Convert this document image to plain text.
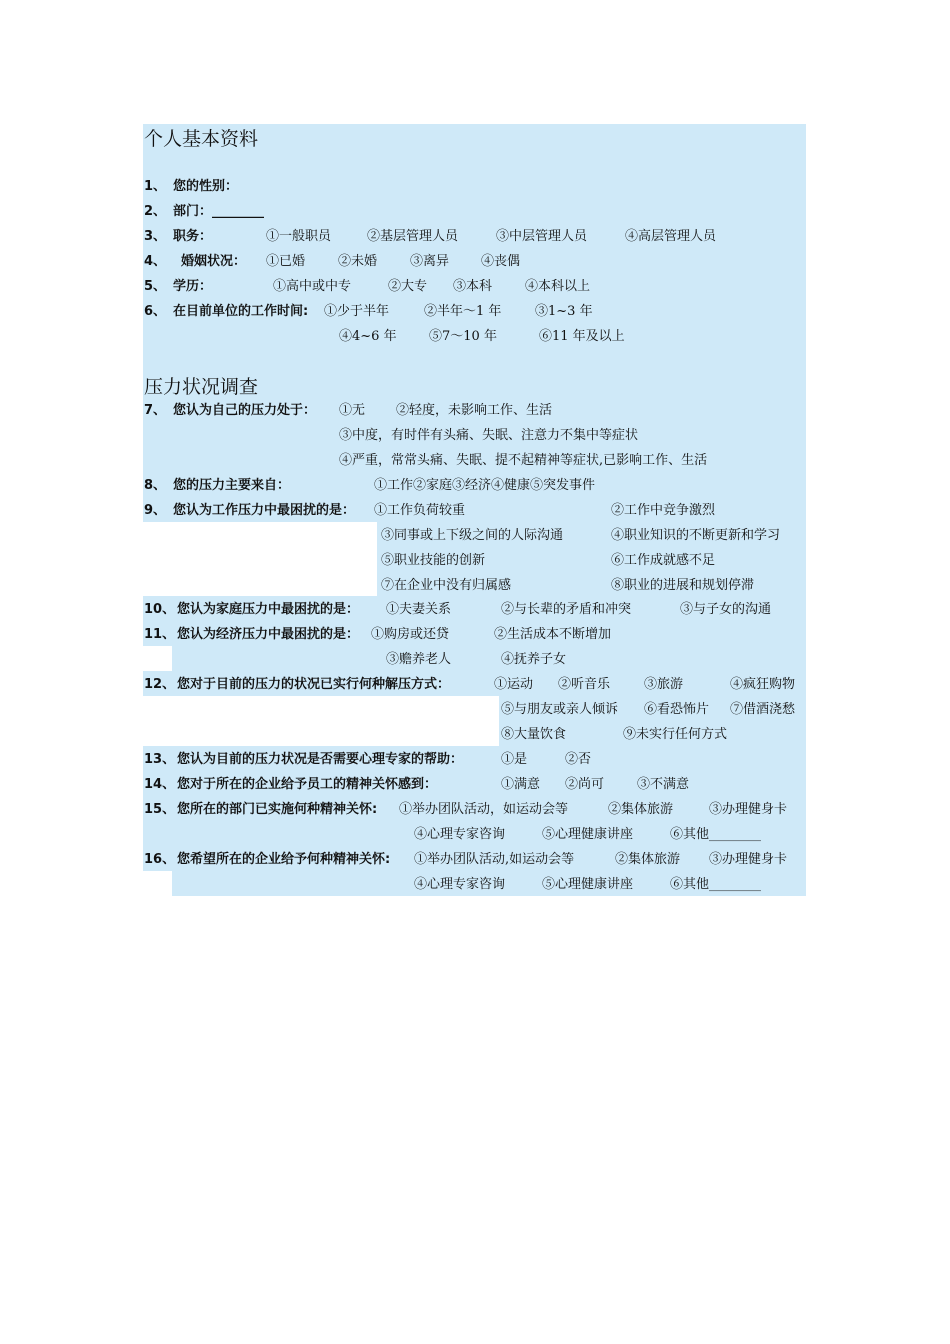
个人基本资料
1、 您的性别：
2、 部门：________
3、 职务：	①一般职员	②基层管理人员	③中层管理人员	④高层管理人员
4、 婚姻状况： ①已婚	②未婚	③离异 ④丧偶
5、 学历：	①高中或中专	②大专 ③本科	④本科以上
6、 在目前单位的工作时间: ①少于半年	②半年～1 年	③1~3 年
④4~6 年 ⑤7～10 年	⑥11 年及以上
压力状况调查
7、 您认为自己的压力处于： ①无 ②轻度，未影响工作、生活
③中度，有时伴有头痛、失眠、注意力不集中等症状
④严重，常常头痛、失眠、提不起精神等症状,已影响工作、生活
8、 您的压力主要来自：	①工作②家庭③经济④健康⑤突发事件
9、 您认为工作压力中最困扰的是： ①工作负荷较重	②工作中竞争激烈
③同事或上下级之间的人际沟通	④职业知识的不断更新和学习
⑤职业技能的创新	⑥工作成就感不足
⑦在企业中没有归属感	⑧职业的进展和规划停滞
10、 您认为家庭压力中最困扰的是： ①夫妻关系	②与长辈的矛盾和冲突	③与子女的沟通
11、 您认为经济压力中最困扰的是： ①购房或还贷	②生活成本不断增加
③赡养老人	④抚养子女
12、 您对于目前的压力的状况已实行何种解压方式：	①运动 ②听音乐	③旅游	④疯狂购物
⑤与朋友或亲人倾诉 ⑥看恐怖片 ⑦借酒浇愁
⑧大量饮食	⑨未实行任何方式
13、 您认为目前的压力状况是否需要心理专家的帮助：	①是	②否
14、 您对于所在的企业给予员工的精神关怀感到：	①满意 ②尚可	③不满意
15、 您所在的部门已实施何种精神关怀: ①举办团队活动，如运动会等	②集体旅游	③办理健身卡
④心理专家咨询	⑤心理健康讲座	⑥其他________
16、 您希望所在的企业给予何种精神关怀: ①举办团队活动,如运动会等	②集体旅游 ③办理健身卡
④心理专家咨询	⑤心理健康讲座	⑥其他________
